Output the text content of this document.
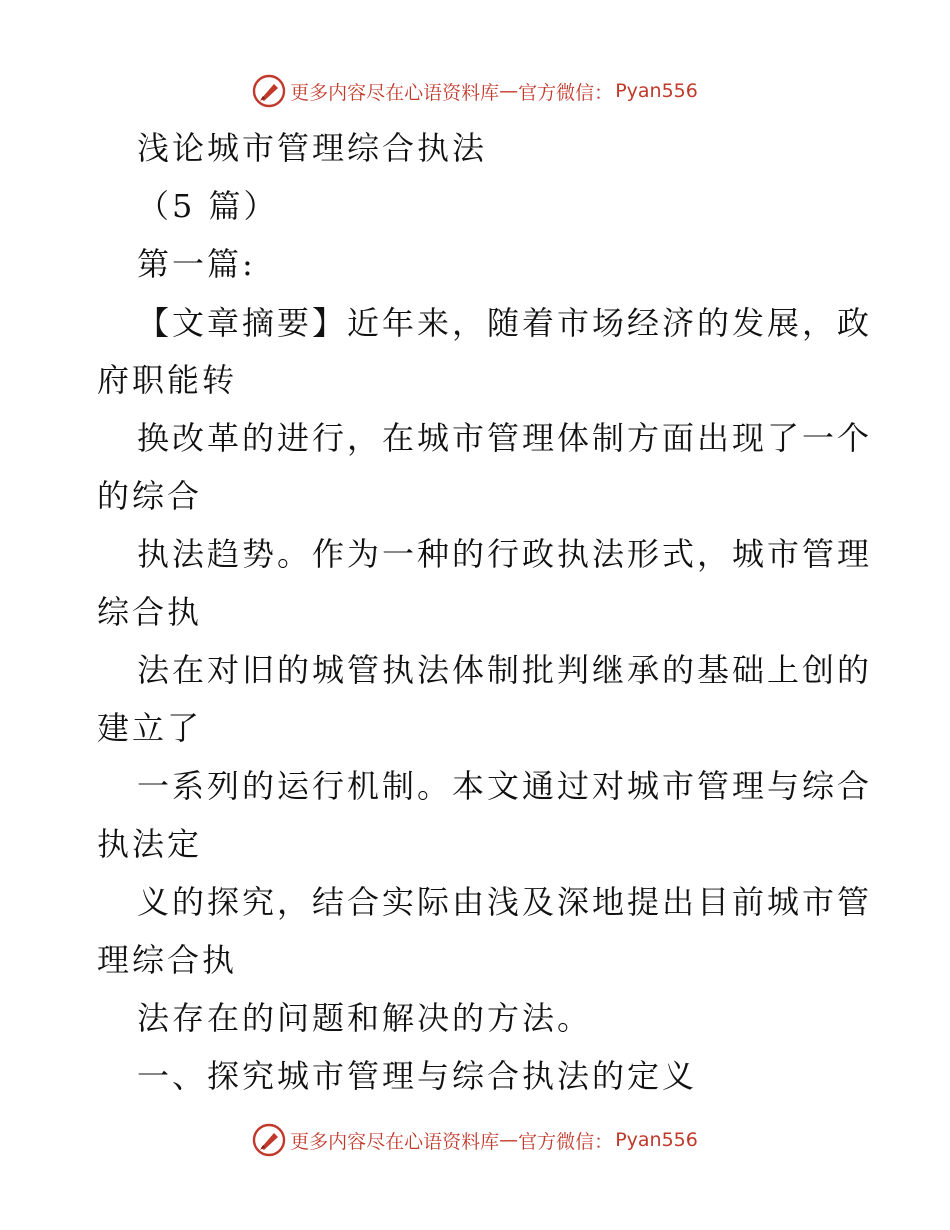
更多内容尽在心语资料库 — 官方微信： Pyan556
浅论城市管理综合执法
（5 篇）
第一篇:
【文章摘要】近年来，随着市场经济的发展，政
府职能转
换改革的进行，在城市管理体制方面出现了一个
的综合
执法趋势。作为一种的行政执法形式，城市管理
综合执
法在对旧的城管执法体制批判继承的基础上创的
建立了
一系列的运行机制。本文通过对城市管理与综合
执法定
义的探究，结合实际由浅及深地提出目前城市管
理综合执
法存在的问题和解决的方法。
一、探究城市管理与综合执法的定义
更多内容尽在心语资料库 — 官方微信： Pyan556
